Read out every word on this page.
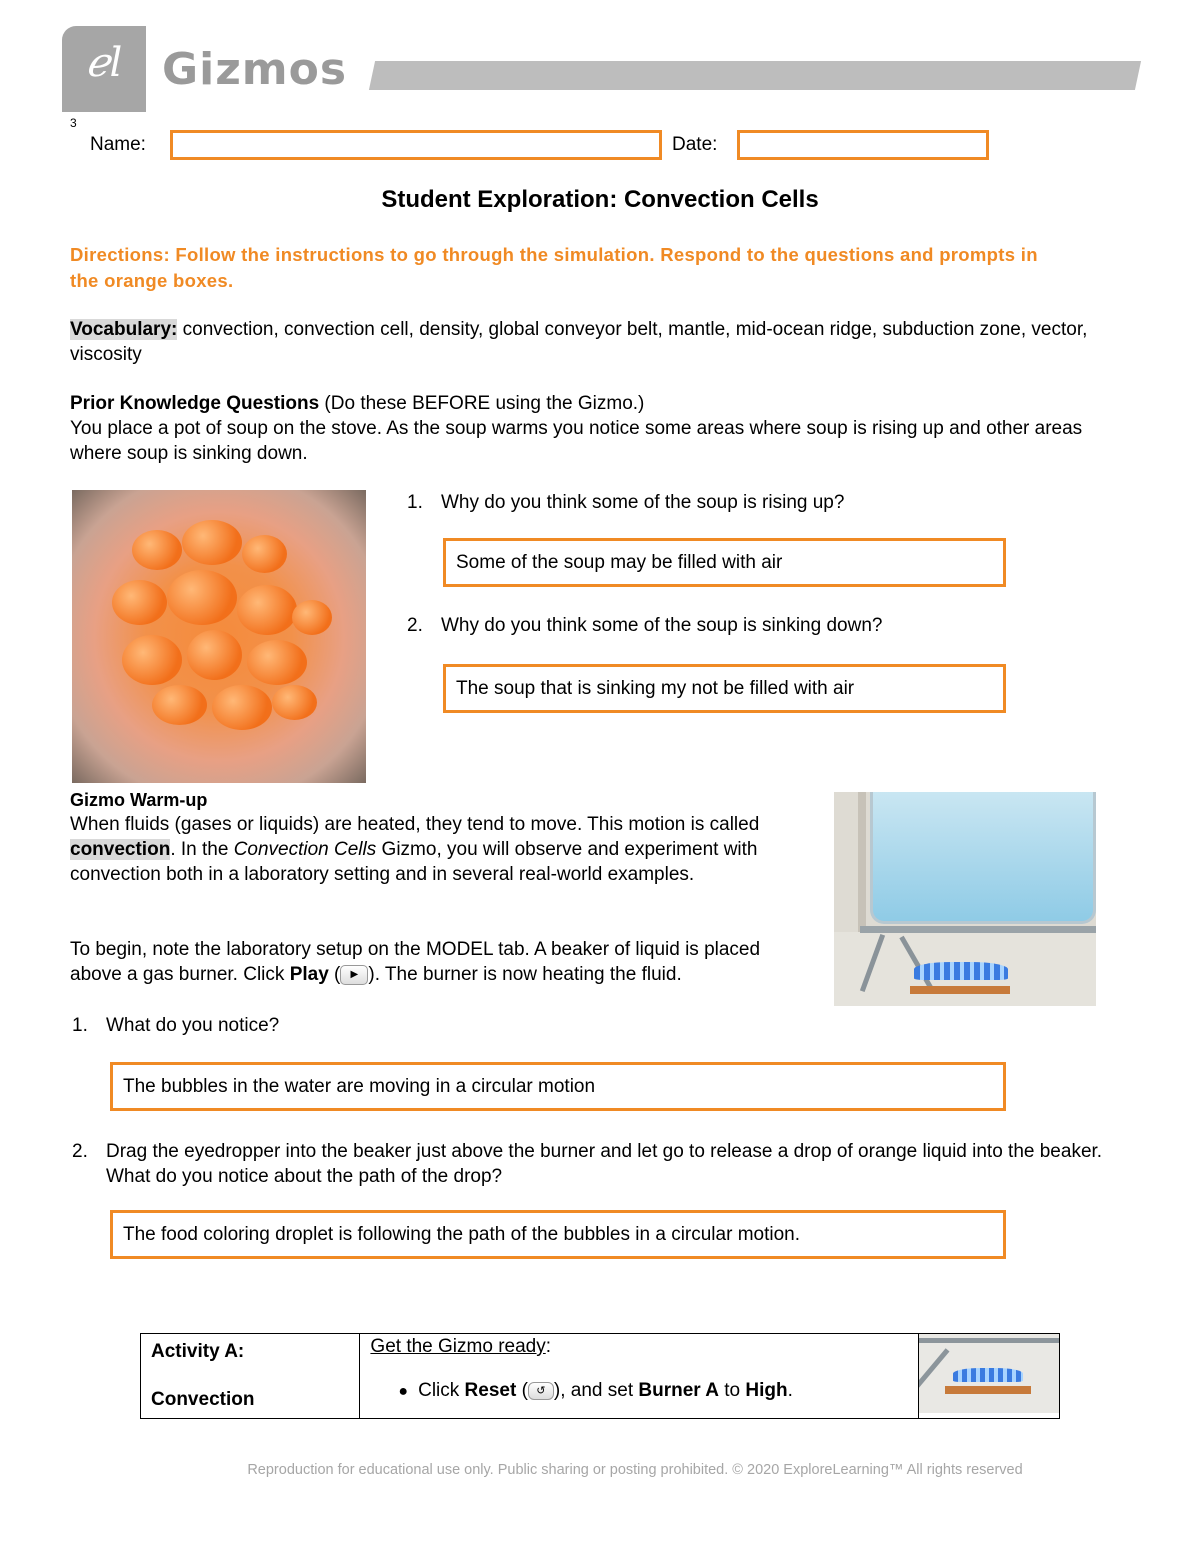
ℯl Gizmos
3
Name:	Date:
Student Exploration: Convection Cells
Directions: Follow the instructions to go through the simulation. Respond to the questions and prompts in the orange boxes.
Vocabulary: convection, convection cell, density, global conveyor belt, mantle, mid-ocean ridge, subduction zone, vector, viscosity
Prior Knowledge Questions (Do these BEFORE using the Gizmo.)
You place a pot of soup on the stove. As the soup warms you notice some areas where soup is rising up and other areas where soup is sinking down.
1. Why do you think some of the soup is rising up?
Some of the soup may be filled with air
2. Why do you think some of the soup is sinking down?
The soup that is sinking my not be filled with air
Gizmo Warm-up
When fluids (gases or liquids) are heated, they tend to move. This motion is called convection. In the Convection Cells Gizmo, you will observe and experiment with convection both in a laboratory setting and in several real-world examples.
To begin, note the laboratory setup on the MODEL tab. A beaker of liquid is placed above a gas burner. Click Play ( ▶ ). The burner is now heating the fluid.
1. What do you notice?
The bubbles in the water are moving in a circular motion
2. Drag the eyedropper into the beaker just above the burner and let go to release a drop of orange liquid into the beaker. What do you notice about the path of the drop?
The food coloring droplet is following the path of the bubbles in a circular motion.
Activity A:
Convection

Get the Gizmo ready:
● Click Reset ( ↺ ), and set Burner A to High.

Reproduction for educational use only. Public sharing or posting prohibited. © 2020 ExploreLearning™ All rights reserved
